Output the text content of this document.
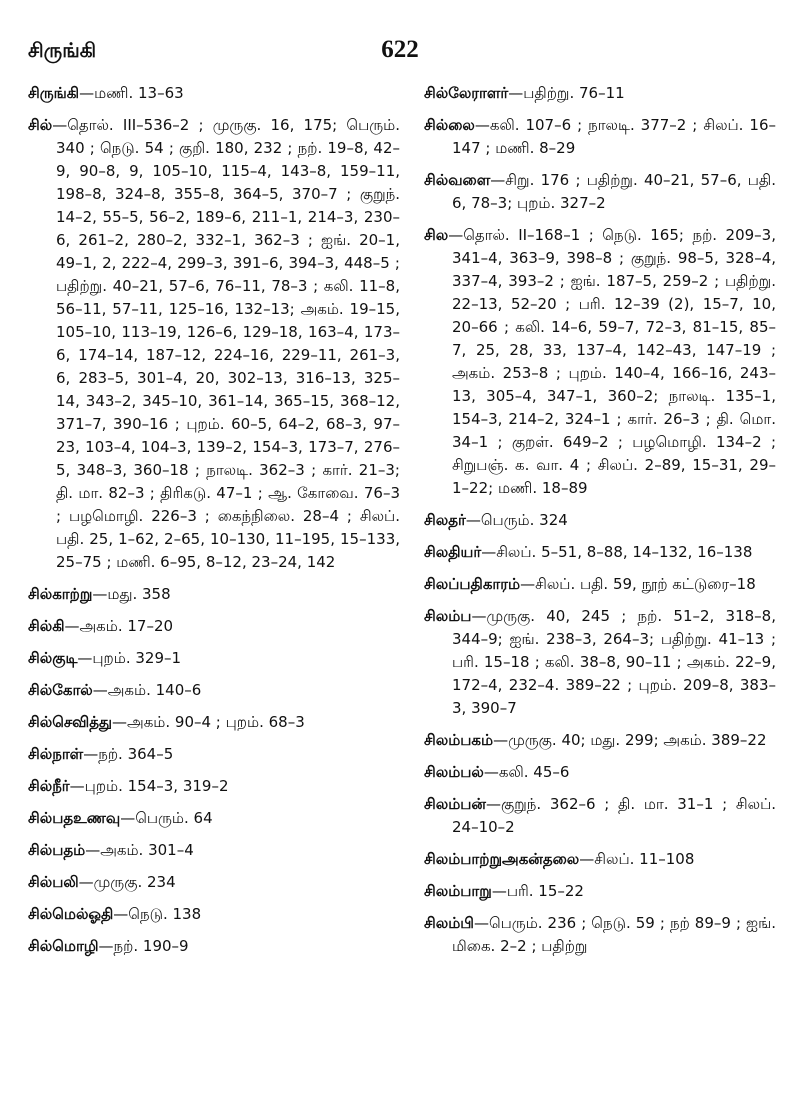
சிருங்கி	622
சிருங்கி—மணி. 13–63
சில்—தொல். III–536–2 ; முருகு. 16, 175; பெரும். 340 ; நெடு. 54 ; குறி. 180, 232 ; நற். 19–8, 42–9, 90–8, 9, 105–10, 115–4, 143–8, 159–11, 198–8, 324–8, 355–8, 364–5, 370–7 ; குறுந். 14–2, 55–5, 56–2, 189–6, 211–1, 214–3, 230–6, 261–2, 280–2, 332–1, 362–3 ; ஐங். 20–1, 49–1, 2, 222–4, 299–3, 391–6, 394–3, 448–5 ; பதிற்று. 40–21, 57–6, 76–11, 78–3 ; கலி. 11–8, 56–11, 57–11, 125–16, 132–13; அகம். 19–15, 105–10, 113–19, 126–6, 129–18, 163–4, 173–6, 174–14, 187–12, 224–16, 229–11, 261–3, 6, 283–5, 301–4, 20, 302–13, 316–13, 325–14, 343–2, 345–10, 361–14, 365–15, 368–12, 371–7, 390–16 ; புறம். 60–5, 64–2, 68–3, 97–23, 103–4, 104–3, 139–2, 154–3, 173–7, 276–5, 348–3, 360–18 ; நாலடி. 362–3 ; கார். 21–3; தி. மா. 82–3 ; திரிகடு. 47–1 ; ஆ. கோவை. 76–3 ; பழமொழி. 226–3 ; கைந்நிலை. 28–4 ; சிலப். பதி. 25, 1–62, 2–65, 10–130, 11–195, 15–133, 25–75 ; மணி. 6–95, 8–12, 23–24, 142
சில்காற்று—மது. 358
சில்கி—அகம். 17–20
சில்குடி—புறம். 329–1
சில்கோல்—அகம். 140–6
சில்செவித்து—அகம். 90–4 ; புறம். 68–3
சில்நாள்—நற். 364–5
சில்நீர்—புறம். 154–3, 319–2
சில்பதஉணவு—பெரும். 64
சில்பதம்—அகம். 301–4
சில்பலி—முருகு. 234
சில்மெல்ஓதி—நெடு. 138
சில்மொழி—நற். 190–9
சில்லேராளர்—பதிற்று. 76–11
சில்லை—கலி. 107–6 ; நாலடி. 377–2 ; சிலப். 16–147 ; மணி. 8–29
சில்வளை—சிறு. 176 ; பதிற்று. 40–21, 57–6, பதி. 6, 78–3; புறம். 327–2
சில—தொல். II–168–1 ; நெடு. 165; நற். 209–3, 341–4, 363–9, 398–8 ; குறுந். 98–5, 328–4, 337–4, 393–2 ; ஐங். 187–5, 259–2 ; பதிற்று. 22–13, 52–20 ; பரி. 12–39 (2), 15–7, 10, 20–66 ; கலி. 14–6, 59–7, 72–3, 81–15, 85–7, 25, 28, 33, 137–4, 142–43, 147–19 ; அகம். 253–8 ; புறம். 140–4, 166–16, 243–13, 305–4, 347–1, 360–2; நாலடி. 135–1, 154–3, 214–2, 324–1 ; கார். 26–3 ; தி. மொ. 34–1 ; குறள். 649–2 ; பழமொழி. 134–2 ; சிறுபஞ். க. வா. 4 ; சிலப். 2–89, 15–31, 29–1–22; மணி. 18–89
சிலதர்—பெரும். 324
சிலதியர்—சிலப். 5–51, 8–88, 14–132, 16–138
சிலப்பதிகாரம்—சிலப். பதி. 59, நூற் கட்டுரை–18
சிலம்ப—முருகு. 40, 245 ; நற். 51–2, 318–8, 344–9; ஐங். 238–3, 264–3; பதிற்று. 41–13 ; பரி. 15–18 ; கலி. 38–8, 90–11 ; அகம். 22–9, 172–4, 232–4. 389–22 ; புறம். 209–8, 383–3, 390–7
சிலம்பகம்—முருகு. 40; மது. 299; அகம். 389–22
சிலம்பல்—கலி. 45–6
சிலம்பன்—குறுந். 362–6 ; தி. மா. 31–1 ; சிலப். 24–10–2
சிலம்பாற்றுஅகன்தலை—சிலப். 11–108
சிலம்பாறு—பரி. 15–22
சிலம்பி—பெரும். 236 ; நெடு. 59 ; நற் 89–9 ; ஐங். மிகை. 2–2 ; பதிற்று
